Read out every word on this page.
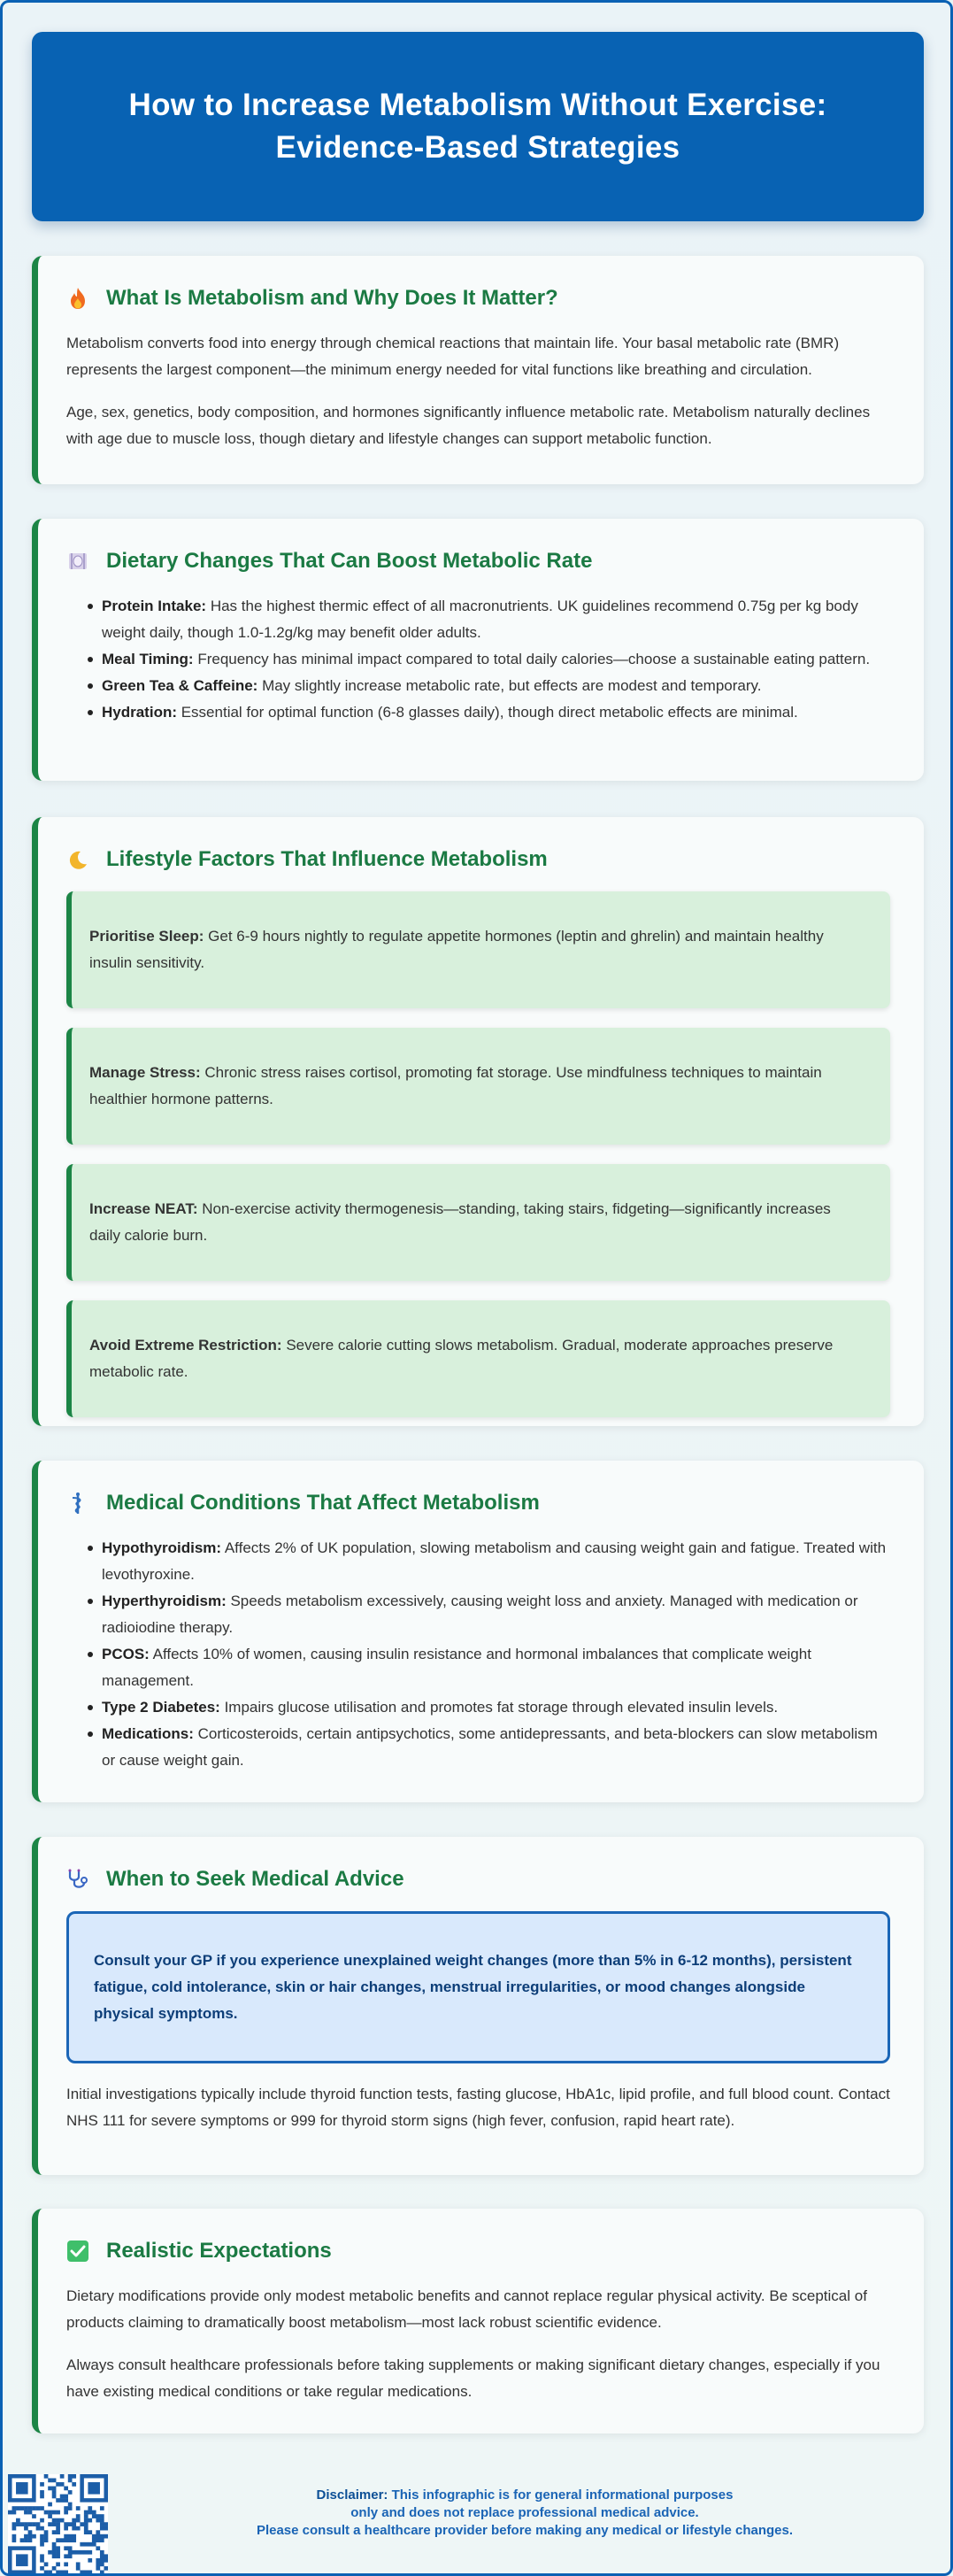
How to Increase Metabolism Without Exercise:
Evidence-Based Strategies
What Is Metabolism and Why Does It Matter?

Metabolism converts food into energy through chemical reactions that maintain life. Your basal metabolic rate (BMR) represents the largest component—the minimum energy needed for vital functions like breathing and circulation.

Age, sex, genetics, body composition, and hormones significantly influence metabolic rate. Metabolism naturally declines with age due to muscle loss, though dietary and lifestyle changes can support metabolic function.

Dietary Changes That Can Boost Metabolic Rate
Protein Intake: Has the highest thermic effect of all macronutrients. UK guidelines recommend 0.75g per kg body weight daily, though 1.0-1.2g/kg may benefit older adults.
Meal Timing: Frequency has minimal impact compared to total daily calories—choose a sustainable eating pattern.
Green Tea & Caffeine: May slightly increase metabolic rate, but effects are modest and temporary.
Hydration: Essential for optimal function (6-8 glasses daily), though direct metabolic effects are minimal.
Lifestyle Factors That Influence Metabolism

Prioritise Sleep: Get 6-9 hours nightly to regulate appetite hormones (leptin and ghrelin) and maintain healthy insulin sensitivity.

Manage Stress: Chronic stress raises cortisol, promoting fat storage. Use mindfulness techniques to maintain healthier hormone patterns.

Increase NEAT: Non-exercise activity thermogenesis—standing, taking stairs, fidgeting—significantly increases daily calorie burn.

Avoid Extreme Restriction: Severe calorie cutting slows metabolism. Gradual, moderate approaches preserve metabolic rate.

Medical Conditions That Affect Metabolism
Hypothyroidism: Affects 2% of UK population, slowing metabolism and causing weight gain and fatigue. Treated with levothyroxine.
Hyperthyroidism: Speeds metabolism excessively, causing weight loss and anxiety. Managed with medication or radioiodine therapy.
PCOS: Affects 10% of women, causing insulin resistance and hormonal imbalances that complicate weight management.
Type 2 Diabetes: Impairs glucose utilisation and promotes fat storage through elevated insulin levels.
Medications: Corticosteroids, certain antipsychotics, some antidepressants, and beta-blockers can slow metabolism or cause weight gain.
When to Seek Medical Advice

Consult your GP if you experience unexplained weight changes (more than 5% in 6-12 months), persistent fatigue, cold intolerance, skin or hair changes, menstrual irregularities, or mood changes alongside physical symptoms.

Initial investigations typically include thyroid function tests, fasting glucose, HbA1c, lipid profile, and full blood count. Contact NHS 111 for severe symptoms or 999 for thyroid storm signs (high fever, confusion, rapid heart rate).

Realistic Expectations

Dietary modifications provide only modest metabolic benefits and cannot replace regular physical activity. Be sceptical of products claiming to dramatically boost metabolism—most lack robust scientific evidence.

Always consult healthcare professionals before taking supplements or making significant dietary changes, especially if you have existing medical conditions or take regular medications.

Disclaimer: This infographic is for general informational purposes
only and does not replace professional medical advice.
Please consult a healthcare provider before making any medical or lifestyle changes.
